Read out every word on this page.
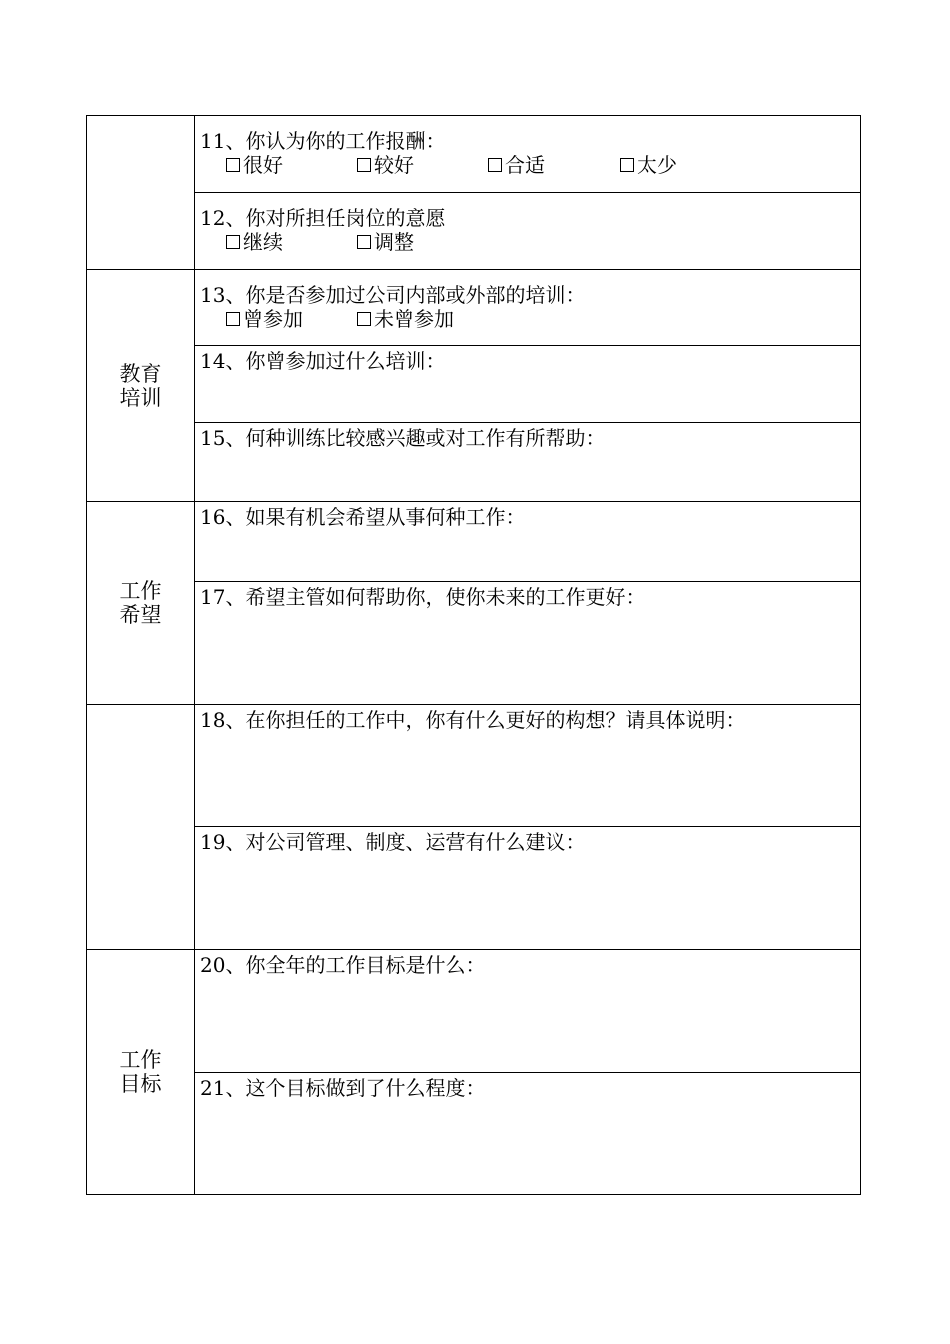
	11、你认为你的工作报酬：
很好 较好 合适 太少

	12、你对所担任岗位的意愿
继续 调整

教育
培训	13、你是否参加过公司内部或外部的培训：
曾参加 未曾参加

	14、你曾参加过什么培训：

	15、何种训练比较感兴趣或对工作有所帮助：

工作
希望	16、如果有机会希望从事何种工作：

	17、希望主管如何帮助你，使你未来的工作更好：

	18、在你担任的工作中，你有什么更好的构想？请具体说明：

	19、对公司管理、制度、运营有什么建议：

工作
目标	20、你全年的工作目标是什么：

	21、这个目标做到了什么程度：
